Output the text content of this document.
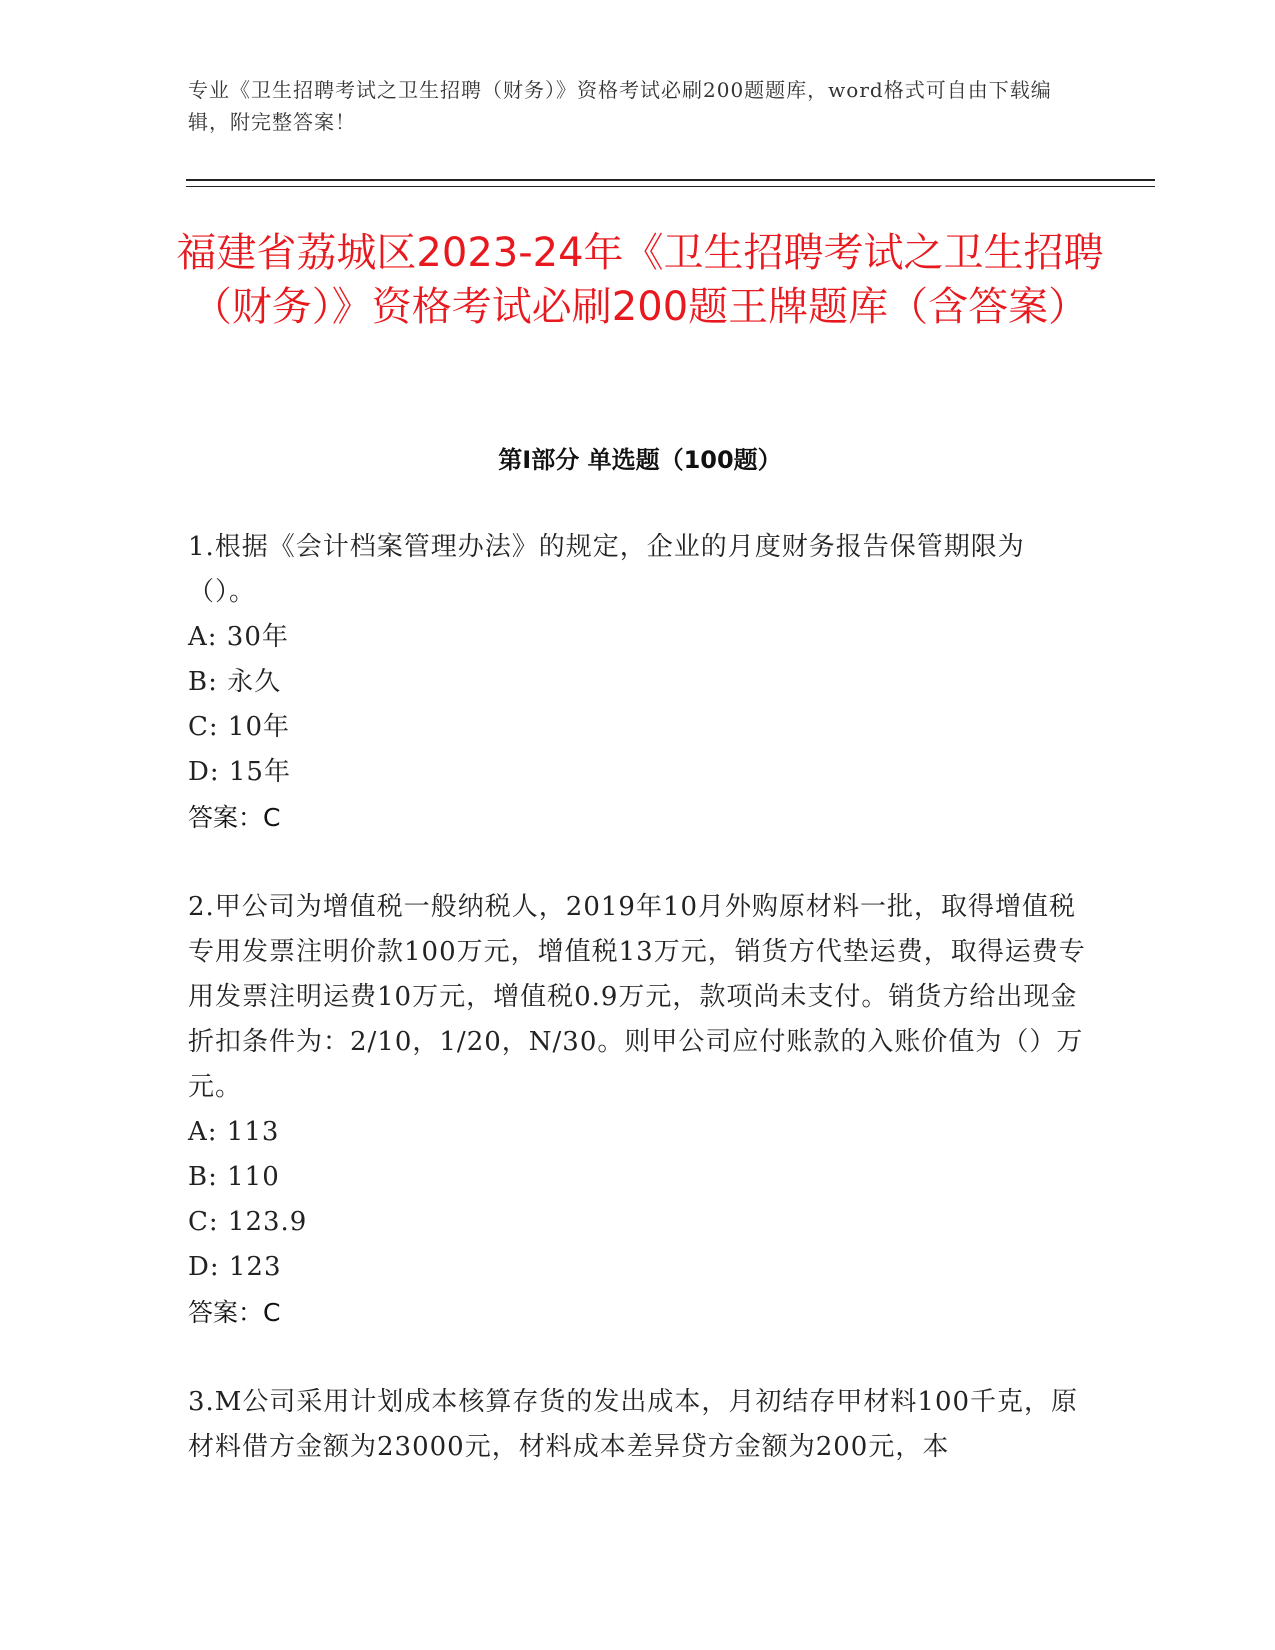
专业《卫生招聘考试之卫生招聘（财务）》资格考试必刷200题题库，word格式可自由下载编辑，附完整答案！
福建省荔城区2023-24年《卫生招聘考试之卫生招聘（财务）》资格考试必刷200题王牌题库（含答案）
第Ⅰ部分 单选题（100题）
1.根据《会计档案管理办法》的规定，企业的月度财务报告保管期限为（）。
A: 30年
B: 永久
C: 10年
D: 15年
答案：C
2.甲公司为增值税一般纳税人，2019年10月外购原材料一批，取得增值税专用发票注明价款100万元，增值税13万元，销货方代垫运费，取得运费专用发票注明运费10万元，增值税0.9万元，款项尚未支付。销货方给出现金折扣条件为：2/10，1/20，N/30。则甲公司应付账款的入账价值为（）万元。
A: 113
B: 110
C: 123.9
D: 123
答案：C
3.M公司采用计划成本核算存货的发出成本，月初结存甲材料100千克，原材料借方金额为23000元，材料成本差异贷方金额为200元，本
